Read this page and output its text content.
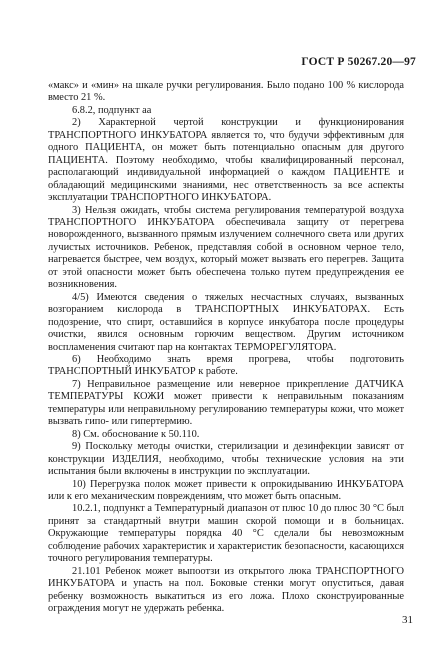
ГОСТ Р 50267.20—97

«макс» и «мин» на шкале ручки регулирования. Было подано 100 % кислорода вместо 21 %.

6.8.2, подпункт аа

2) Характерной чертой конструкции и функционирования ТРАНСПОРТНОГО ИНКУБАТОРА является то, что будучи эффективным для одного ПАЦИЕНТА, он может быть потенциально опасным для другого ПАЦИЕНТА. Поэтому необходимо, чтобы квалифицированный персонал, располагающий индивидуальной информацией о каждом ПАЦИЕНТЕ и обладающий медицинскими знаниями, нес ответственность за все аспекты эксплуатации ТРАНСПОРТНОГО ИНКУБАТОРА.

3) Нельзя ожидать, чтобы система регулирования температурой воздуха ТРАНСПОРТНОГО ИНКУБАТОРА обеспечивала защиту от перегрева новорожденного, вызванного прямым излучением солнечного света или других лучистых источников. Ребенок, представляя собой в основном черное тело, нагревается быстрее, чем воздух, который может вызвать его перегрев. Защита от этой опасности может быть обеспечена только путем предупреждения ее возникновения.

4/5) Имеются сведения о тяжелых несчастных случаях, вызванных возгоранием кислорода в ТРАНСПОРТНЫХ ИНКУБАТОРАХ. Есть подозрение, что спирт, оставшийся в корпусе инкубатора после процедуры очистки, явился основным горючим веществом. Другим источником воспламенения считают пар на контактах ТЕРМОРЕГУЛЯТОРА.

6) Необходимо знать время прогрева, чтобы подготовить ТРАНСПОРТНЫЙ ИНКУБАТОР к работе.

7) Неправильное размещение или неверное прикрепление ДАТЧИКА ТЕМПЕРАТУРЫ КОЖИ может привести к неправильным показаниям температуры или неправильному регулированию температуры кожи, что может вызвать гипо- или гипертермию.

8) См. обоснование к 50.110.

9) Поскольку методы очистки, стерилизации и дезинфекции зависят от конструкции ИЗДЕЛИЯ, необходимо, чтобы технические условия на эти испытания были включены в инструкции по эксплуатации.

10) Перегрузка полок может привести к опрокидыванию ИНКУБАТОРА или к его механическим повреждениям, что может быть опасным.

10.2.1, подпункт а Температурный диапазон от плюс 10 до плюс 30 °С был принят за стандартный внутри машин скорой помощи и в больницах. Окружающие температуры порядка 40 °С сделали бы невозможным соблюдение рабочих характеристик и характеристик безопасности, касающихся точного регулирования температуры.

21.101 Ребенок может выпоотзи из открытого люка ТРАНСПОРТНОГО ИНКУБАТОРА и упасть на пол. Боковые стенки могут опуститься, давая ребенку возможность выкатиться из его ложа. Плохо сконструированные ограждения могут не удержать ребенка.

31
